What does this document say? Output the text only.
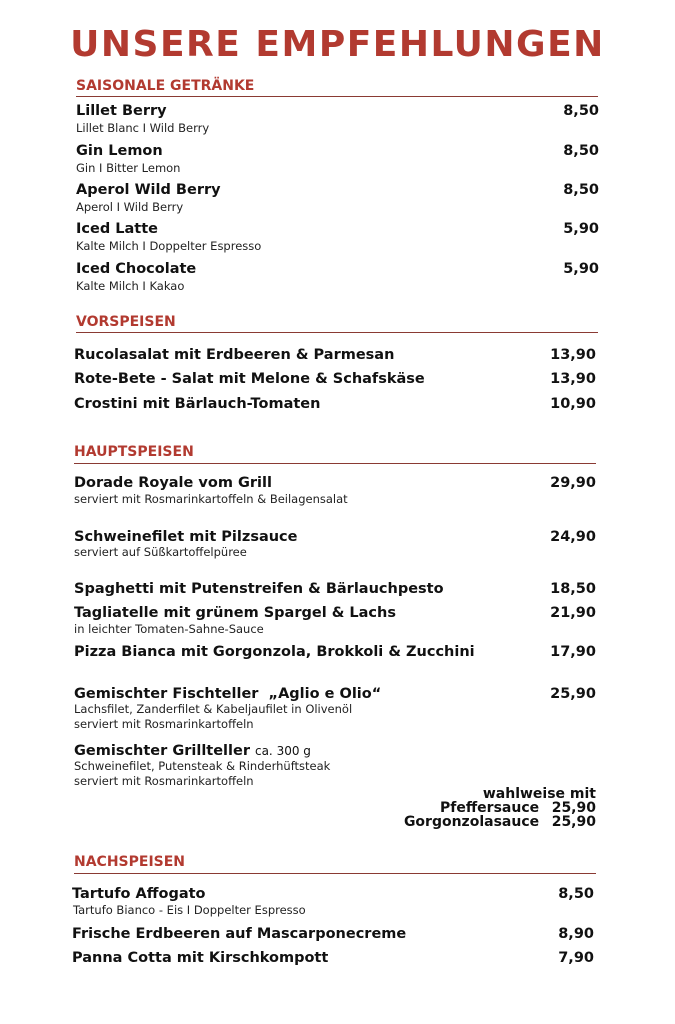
UNSERE EMPFEHLUNGEN
SAISONALE GETRÄNKE
Lillet Berry	8,50
Lillet Blanc I Wild Berry
Gin Lemon	8,50
Gin I Bitter Lemon
Aperol Wild Berry	8,50
Aperol I Wild Berry
Iced Latte	5,90
Kalte Milch I Doppelter Espresso
Iced Chocolate	5,90
Kalte Milch I Kakao
VORSPEISEN
Rucolasalat mit Erdbeeren & Parmesan	13,90
Rote-Bete - Salat mit Melone & Schafskäse	13,90
Crostini mit Bärlauch-Tomaten	10,90
HAUPTSPEISEN
Dorade Royale vom Grill	29,90
serviert mit Rosmarinkartoffeln & Beilagensalat
Schweinefilet mit Pilzsauce	24,90
serviert auf Süßkartoffelpüree
Spaghetti mit Putenstreifen & Bärlauchpesto	18,50
Tagliatelle mit grünem Spargel & Lachs	21,90
in leichter Tomaten-Sahne-Sauce
Pizza Bianca mit Gorgonzola, Brokkoli & Zucchini	17,90
Gemischter Fischteller  „Aglio e Olio“	25,90
Lachsfilet, Zanderfilet & Kabeljaufilet in Olivenöl
serviert mit Rosmarinkartoffeln
Gemischter Grillteller ca. 300 g
Schweinefilet, Putensteak & Rinderhüftsteak
serviert mit Rosmarinkartoffeln
wahlweise mit
Pfeffersauce 25,90
Gorgonzolasauce 25,90
NACHSPEISEN
Tartufo Affogato	8,50
Tartufo Bianco - Eis I Doppelter Espresso
Frische Erdbeeren auf Mascarponecreme	8,90
Panna Cotta mit Kirschkompott	7,90
